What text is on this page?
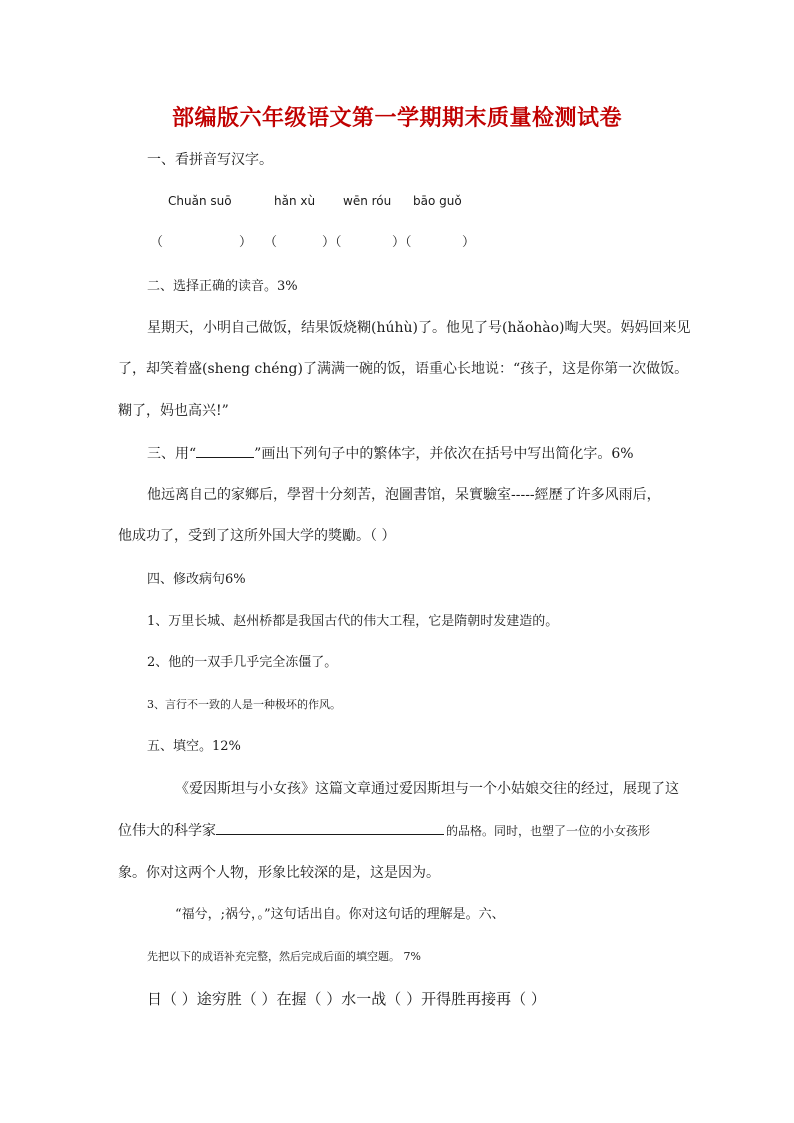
部编版六年级语文第一学期期末质量检测试卷
一、看拼音写汉字。
Chuǎn suō	hǎn xù wēn róu bāo guǒ
（	） （	）（	）（	）
二、选择正确的读音。3%
星期天，小明自己做饭，结果饭烧糊(húhù)了。他见了号(hǎohào)啕大哭。妈妈回来见
了，却笑着盛(sheng chéng)了满满一碗的饭，语重心长地说：“孩子，这是你第一次做饭。
糊了，妈也高兴!”
三、用“	”画出下列句子中的繁体字，并依次在括号中写出简化字。6%
他远离自己的家鄉后，學習十分刻苦，泡圖書馆，呆實驗室-----經歷了许多风雨后，
他成功了，受到了这所外国大学的獎勵。（ ）
四、修改病句6%
1、万里长城、赵州桥都是我国古代的伟大工程，它是隋朝时发建造的。
2、他的一双手几乎完全冻僵了。
3、言行不一致的人是一种极坏的作风。
五、填空。12%
《爱因斯坦与小女孩》这篇文章通过爱因斯坦与一个小姑娘交往的经过，展现了这
位伟大的科学家	的品格。同时，也塑了一位的小女孩形
象。你对这两个人物，形象比较深的是，这是因为。
“福兮，;祸兮，。”这句话出自。你对这句话的理解是。六、
先把以下的成语补充完整，然后完成后面的填空题。 7%
日（ ）途穷胜（ ）在握（ ）水一战（ ）开得胜再接再（ ）
